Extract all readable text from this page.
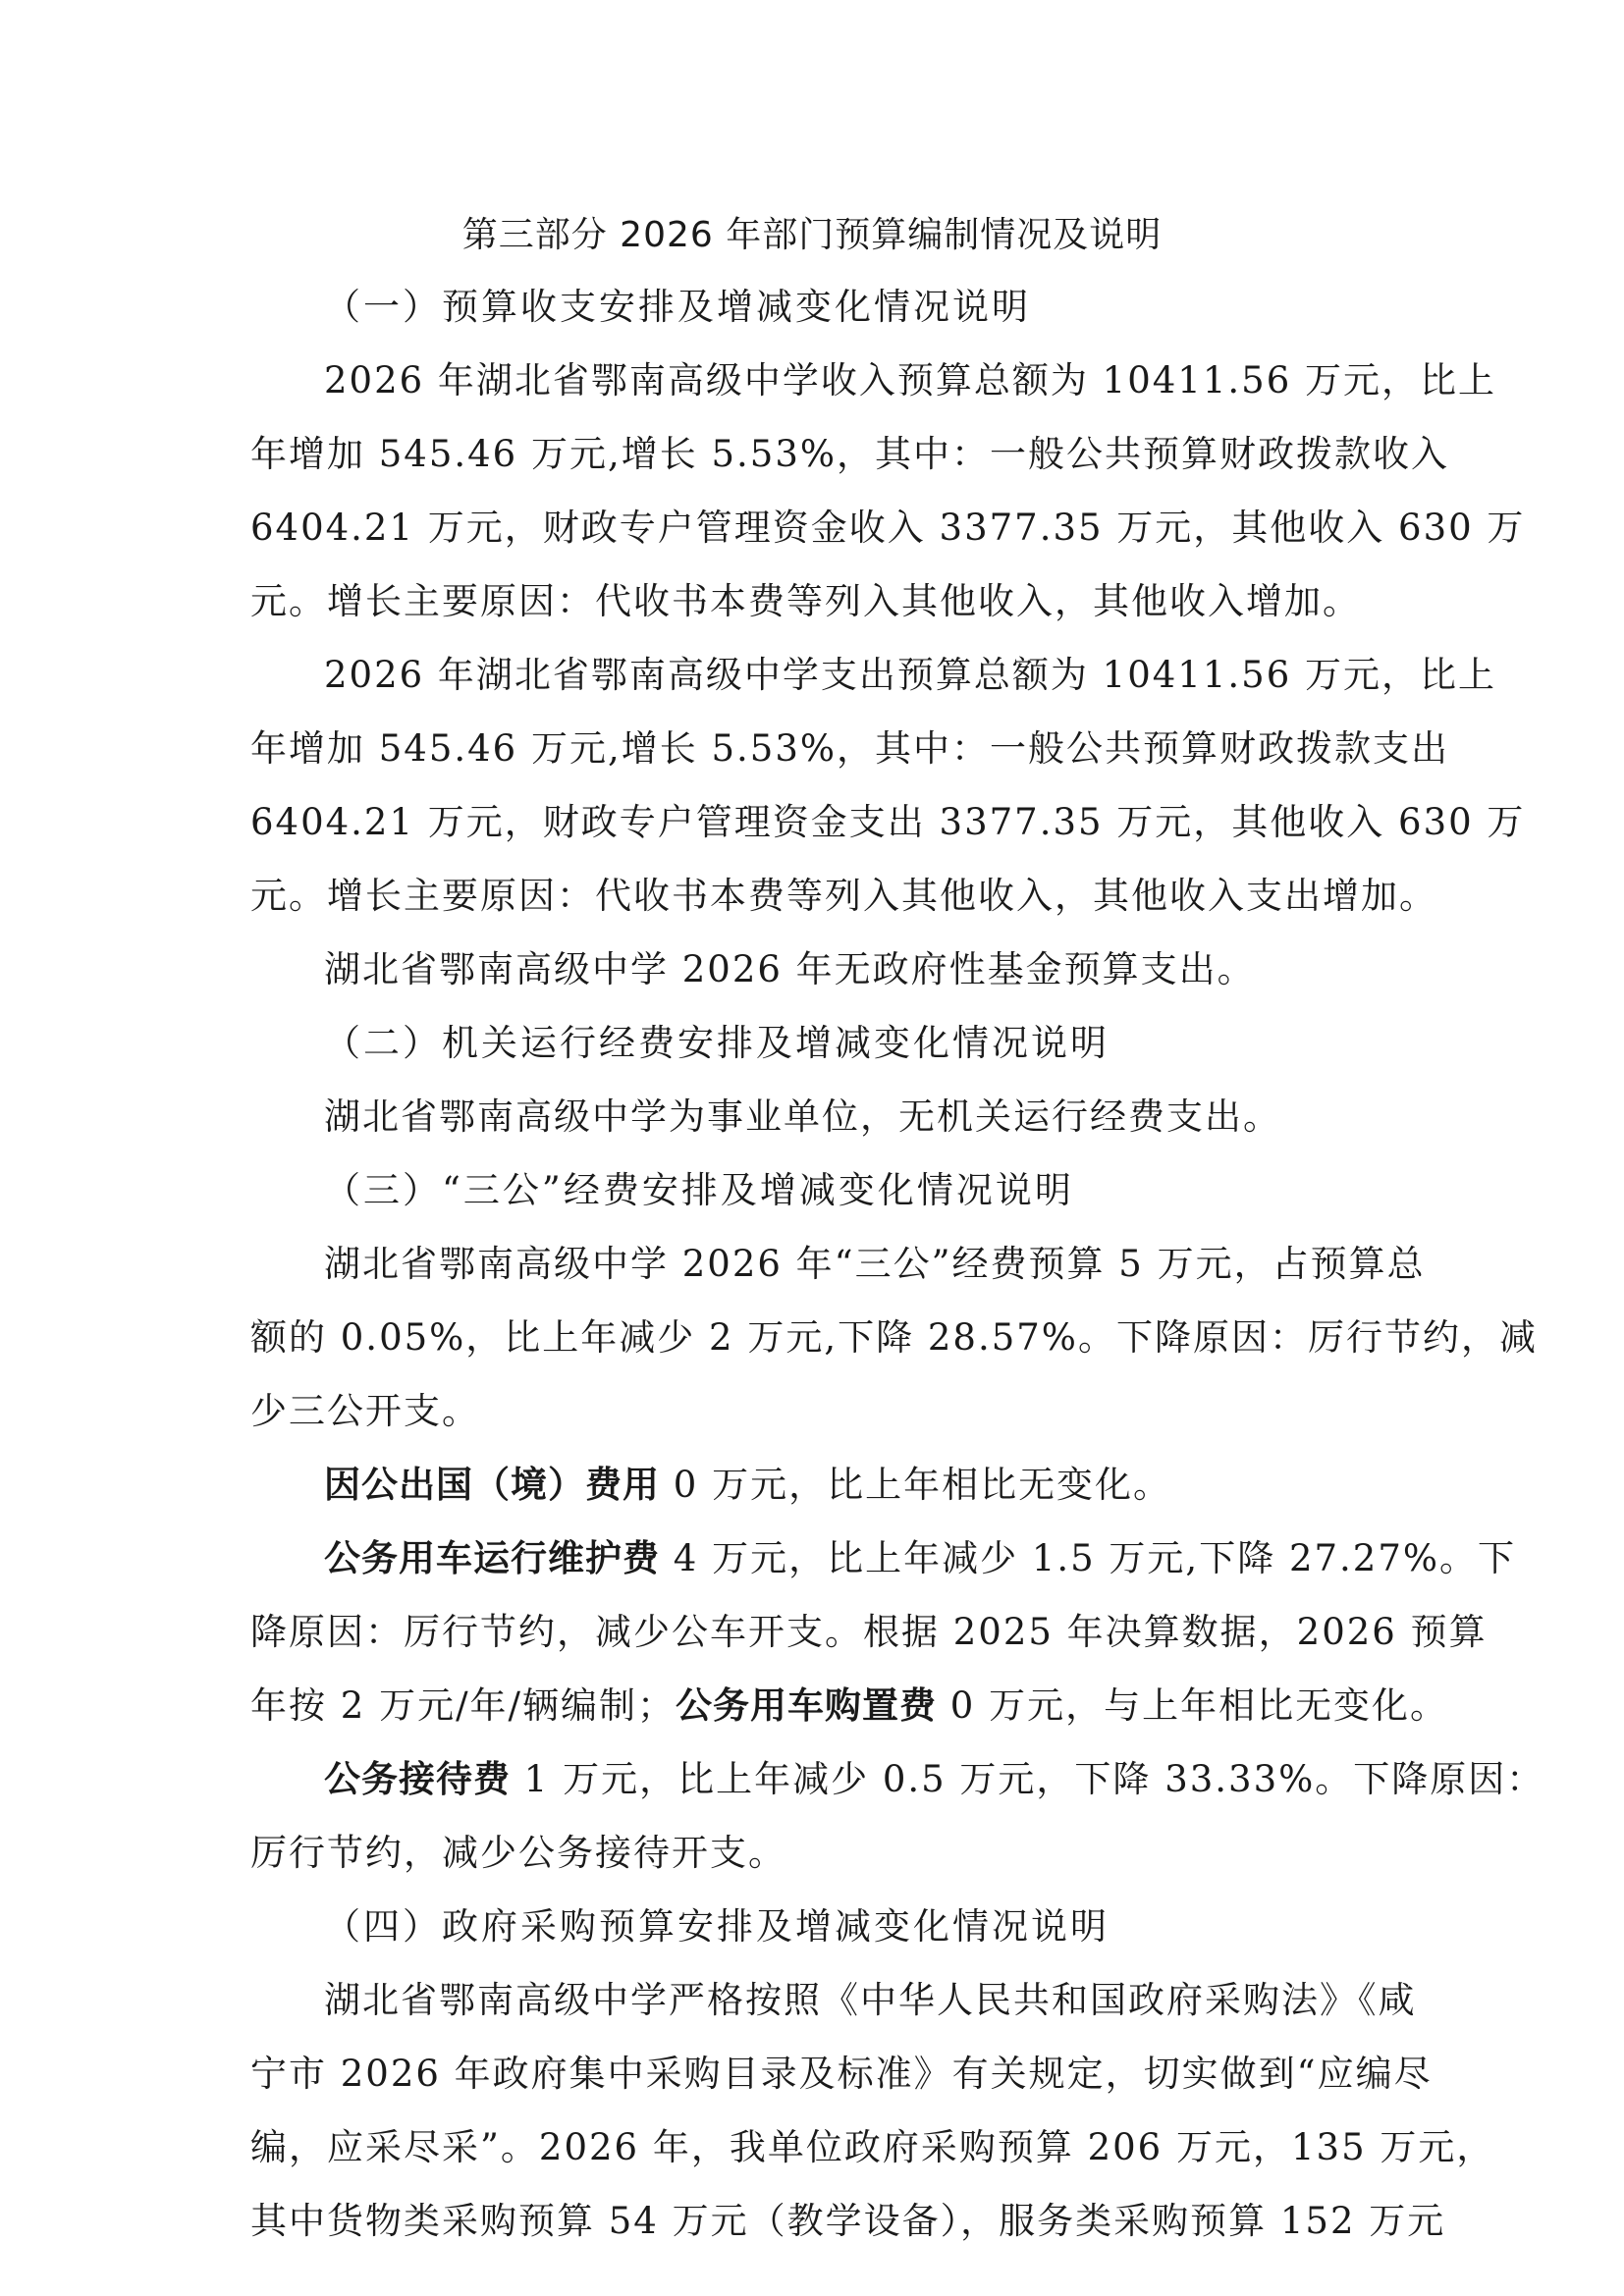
第三部分 2026 年部门预算编制情况及说明
（一）预算收支安排及增减变化情况说明
2026 年湖北省鄂南高级中学收入预算总额为 10411.56 万元，比上
年增加 545.46 万元,增长 5.53%，其中：一般公共预算财政拨款收入
6404.21 万元，财政专户管理资金收入 3377.35 万元，其他收入 630 万
元。增长主要原因：代收书本费等列入其他收入，其他收入增加。
2026 年湖北省鄂南高级中学支出预算总额为 10411.56 万元，比上
年增加 545.46 万元,增长 5.53%，其中：一般公共预算财政拨款支出
6404.21 万元，财政专户管理资金支出 3377.35 万元，其他收入 630 万
元。增长主要原因：代收书本费等列入其他收入，其他收入支出增加。
湖北省鄂南高级中学 2026 年无政府性基金预算支出。
（二）机关运行经费安排及增减变化情况说明
湖北省鄂南高级中学为事业单位，无机关运行经费支出。
（三）“三公”经费安排及增减变化情况说明
湖北省鄂南高级中学 2026 年“三公”经费预算 5 万元，占预算总
额的 0.05%，比上年减少 2 万元,下降 28.57%。下降原因：厉行节约，减
少三公开支。
因公出国（境）费用 0 万元，比上年相比无变化。
公务用车运行维护费 4 万元，比上年减少 1.5 万元,下降 27.27%。下
降原因：厉行节约，减少公车开支。根据 2025 年决算数据，2026 预算
年按 2 万元/年/辆编制；公务用车购置费 0 万元，与上年相比无变化。
公务接待费 1 万元，比上年减少 0.5 万元，下降 33.33%。下降原因：
厉行节约，减少公务接待开支。
（四）政府采购预算安排及增减变化情况说明
湖北省鄂南高级中学严格按照《中华人民共和国政府采购法》《咸
宁市 2026 年政府集中采购目录及标准》有关规定，切实做到“应编尽
编，应采尽采”。2026 年，我单位政府采购预算 206 万元，135 万元，
其中货物类采购预算 54 万元（教学设备），服务类采购预算 152 万元
